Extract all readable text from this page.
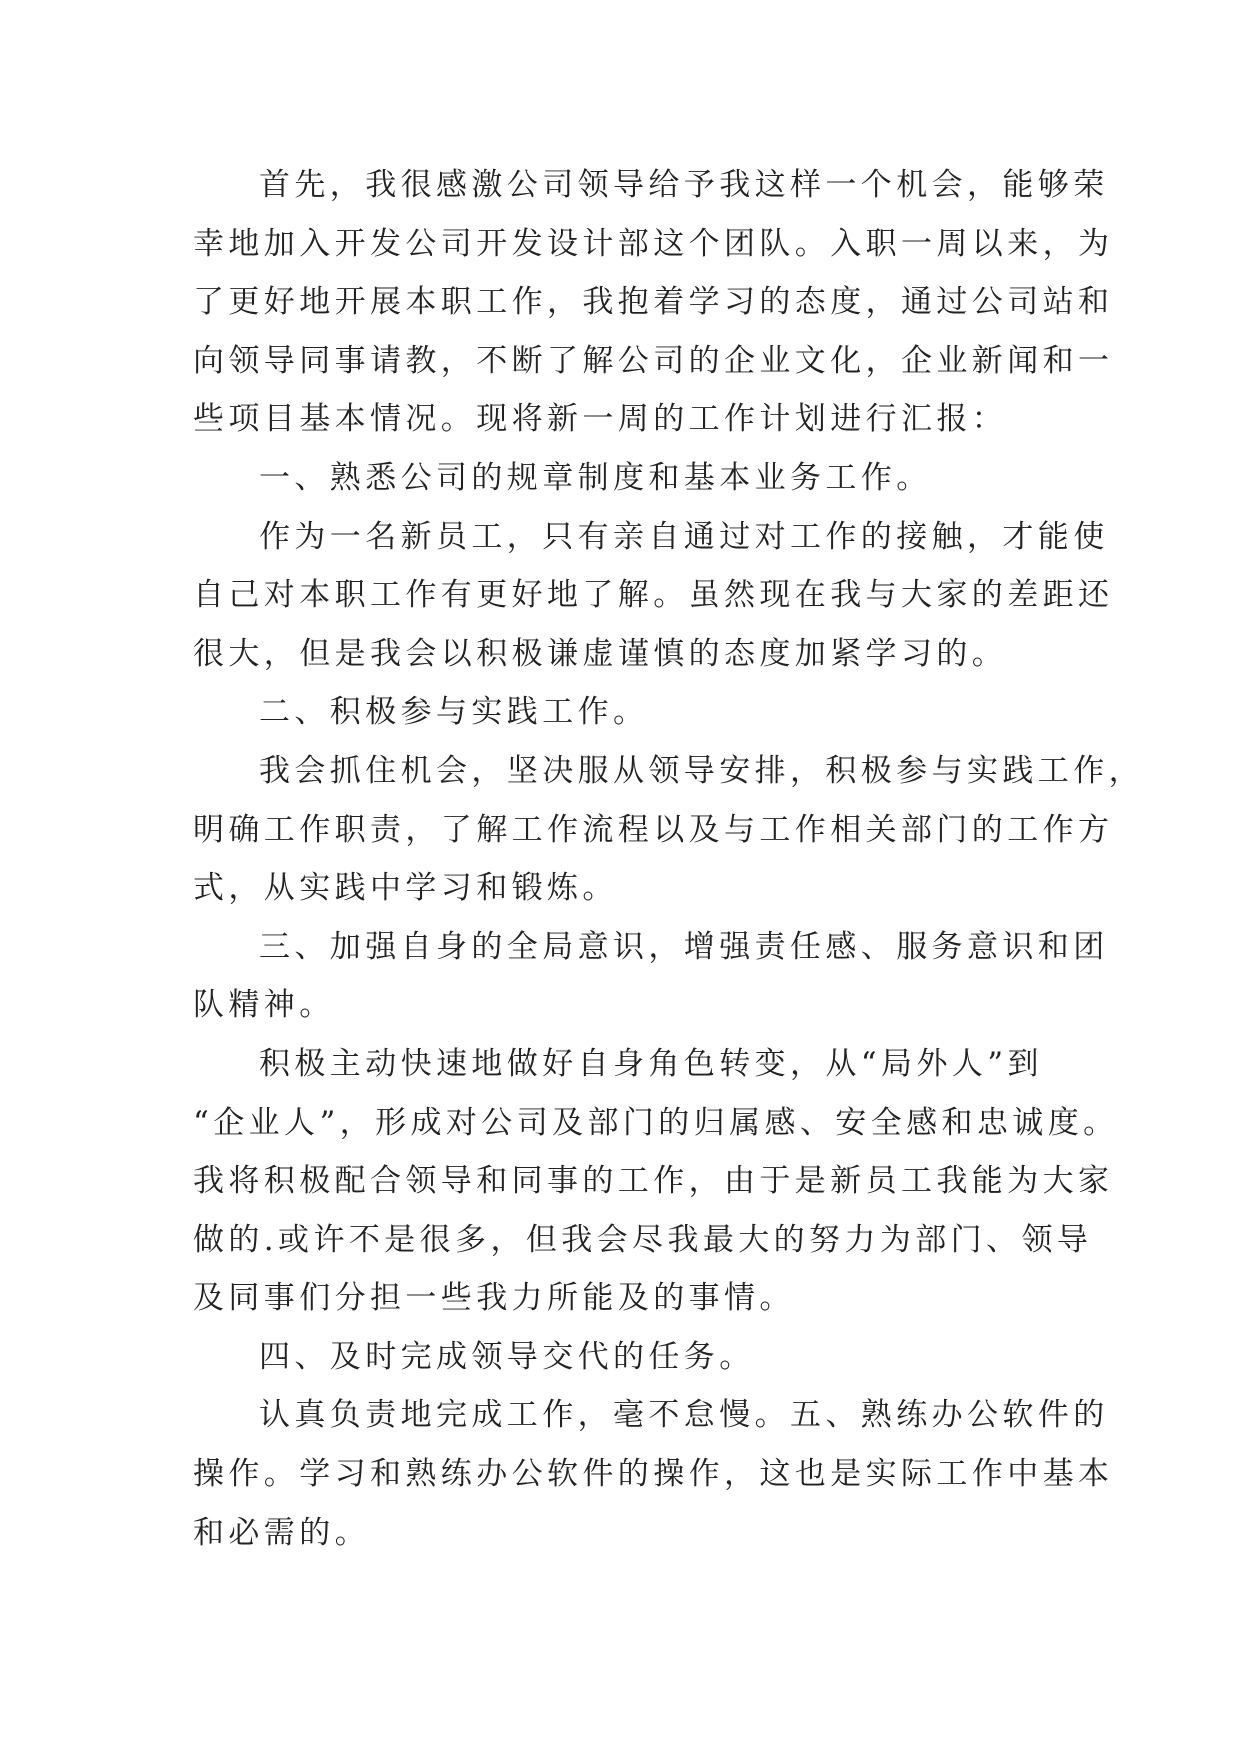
首先，我很感激公司领导给予我这样一个机会，能够荣
幸地加入开发公司开发设计部这个团队。入职一周以来，为
了更好地开展本职工作，我抱着学习的态度，通过公司站和
向领导同事请教，不断了解公司的企业文化，企业新闻和一
些项目基本情况。现将新一周的工作计划进行汇报：
一、熟悉公司的规章制度和基本业务工作。
作为一名新员工，只有亲自通过对工作的接触，才能使
自己对本职工作有更好地了解。虽然现在我与大家的差距还
很大，但是我会以积极谦虚谨慎的态度加紧学习的。
二、积极参与实践工作。
我会抓住机会，坚决服从领导安排，积极参与实践工作，
明确工作职责，了解工作流程以及与工作相关部门的工作方
式，从实践中学习和锻炼。
三、加强自身的全局意识，增强责任感、服务意识和团
队精神。
积极主动快速地做好自身角色转变，从“局外人”到
“企业人”，形成对公司及部门的归属感、安全感和忠诚度。
我将积极配合领导和同事的工作，由于是新员工我能为大家
做的.或许不是很多，但我会尽我最大的努力为部门、领导
及同事们分担一些我力所能及的事情。
四、及时完成领导交代的任务。
认真负责地完成工作，毫不怠慢。五、熟练办公软件的
操作。学习和熟练办公软件的操作，这也是实际工作中基本
和必需的。
